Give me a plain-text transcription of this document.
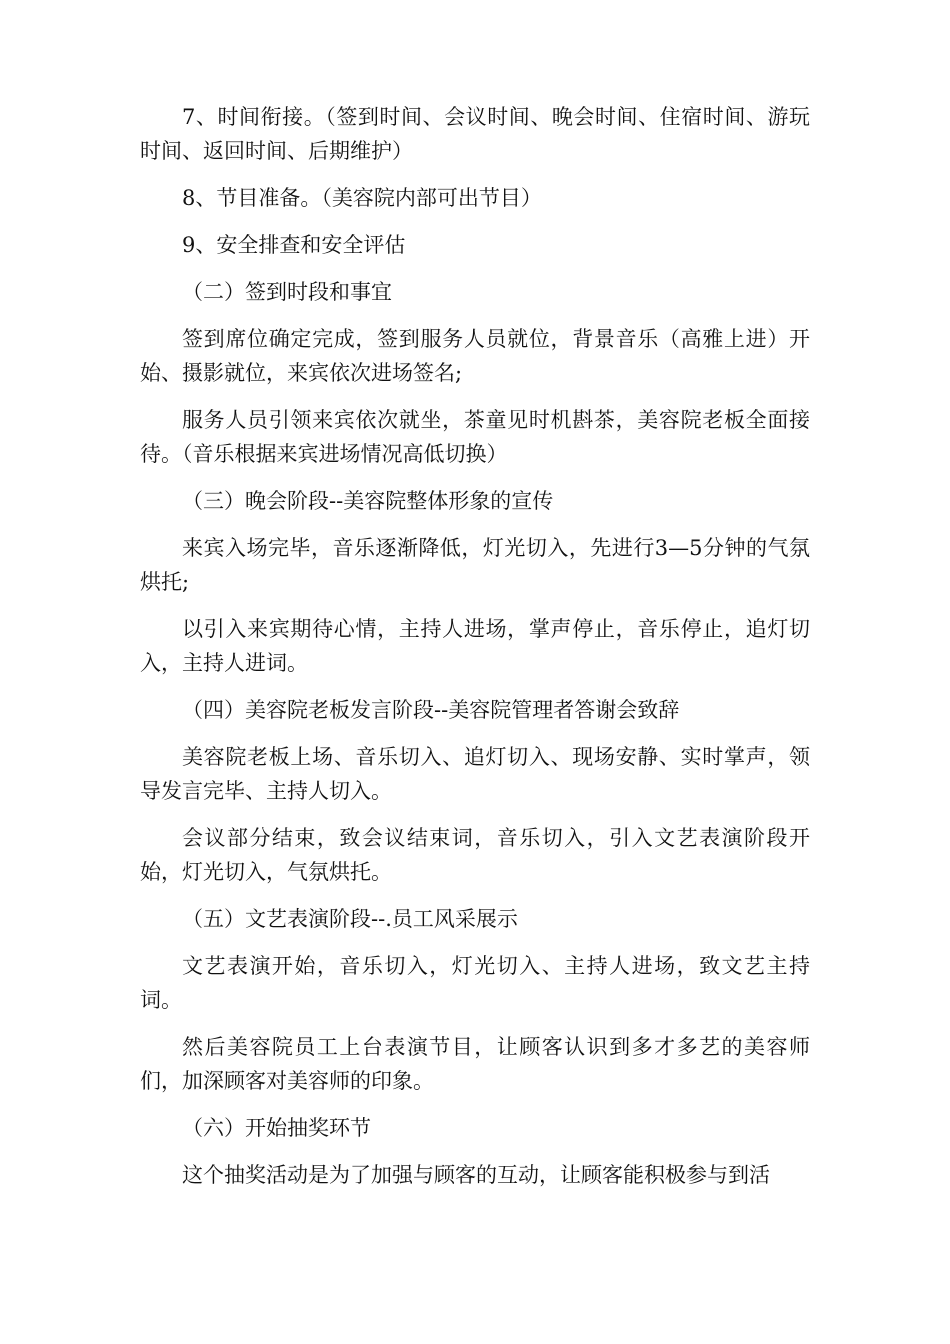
7、时间衔接。（签到时间、会议时间、晚会时间、住宿时间、游玩时间、返回时间、后期维护）

8、节目准备。（美容院内部可出节目）

9、安全排查和安全评估

（二）签到时段和事宜

签到席位确定完成，签到服务人员就位，背景音乐（高雅上进）开始、摄影就位，来宾依次进场签名;

服务人员引领来宾依次就坐，茶童见时机斟茶，美容院老板全面接待。（音乐根据来宾进场情况高低切换）

（三）晚会阶段--美容院整体形象的宣传

来宾入场完毕，音乐逐渐降低，灯光切入，先进行3—5分钟的气氛烘托;

以引入来宾期待心情，主持人进场，掌声停止，音乐停止，追灯切入，主持人进词。

（四）美容院老板发言阶段--美容院管理者答谢会致辞

美容院老板上场、音乐切入、追灯切入、现场安静、实时掌声，领导发言完毕、主持人切入。

会议部分结束，致会议结束词，音乐切入，引入文艺表演阶段开始，灯光切入，气氛烘托。

（五）文艺表演阶段--.员工风采展示

文艺表演开始，音乐切入，灯光切入、主持人进场，致文艺主持词。

然后美容院员工上台表演节目，让顾客认识到多才多艺的美容师们，加深顾客对美容师的印象。

（六）开始抽奖环节

这个抽奖活动是为了加强与顾客的互动，让顾客能积极参与到活
